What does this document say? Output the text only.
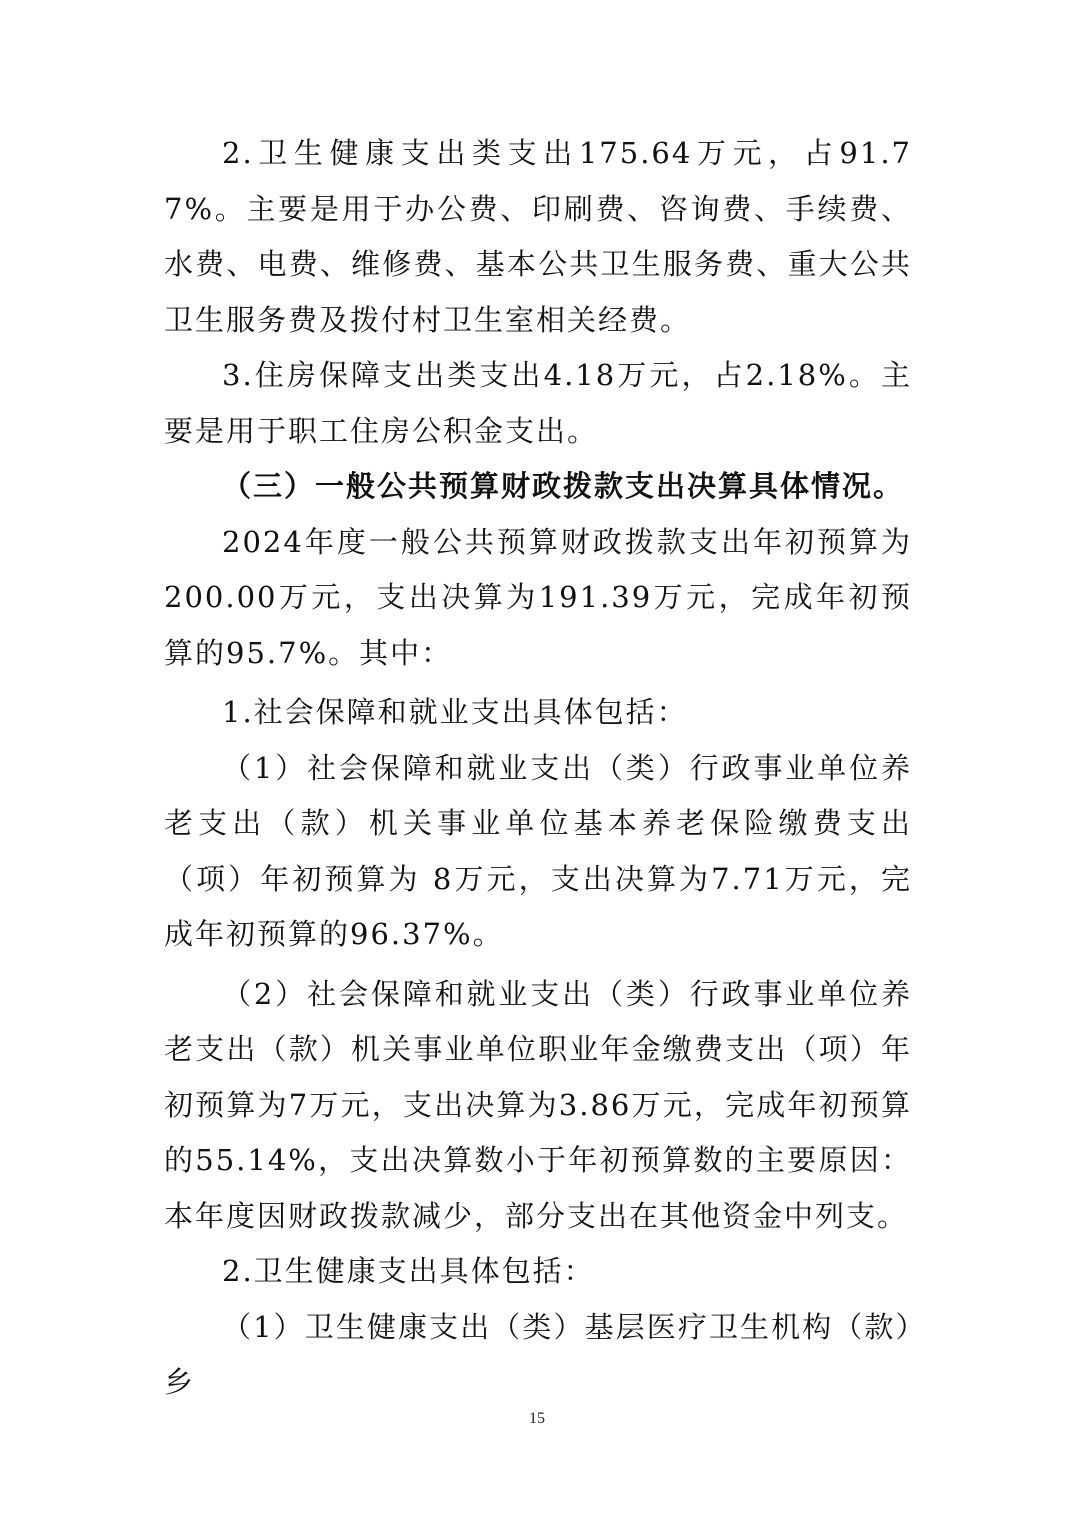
2.卫生健康支出类支出175.64万元，占91.77%。主要是用于办公费、印刷费、咨询费、手续费、水费、电费、维修费、基本公共卫生服务费、重大公共卫生服务费及拨付村卫生室相关经费。

3.住房保障支出类支出4.18万元，占2.18%。主要是用于职工住房公积金支出。

（三）一般公共预算财政拨款支出决算具体情况。

2024年度一般公共预算财政拨款支出年初预算为200.00万元，支出决算为191.39万元，完成年初预算的95.7%。其中：

1.社会保障和就业支出具体包括：

（1）社会保障和就业支出（类）行政事业单位养老支出（款）机关事业单位基本养老保险缴费支出（项）年初预算为 8万元，支出决算为7.71万元，完成年初预算的96.37%。

（2）社会保障和就业支出（类）行政事业单位养老支出（款）机关事业单位职业年金缴费支出（项）年初预算为7万元，支出决算为3.86万元，完成年初预算的55.14%，支出决算数小于年初预算数的主要原因：本年度因财政拨款减少，部分支出在其他资金中列支。

2.卫生健康支出具体包括：

（1）卫生健康支出（类）基层医疗卫生机构（款）乡

15
